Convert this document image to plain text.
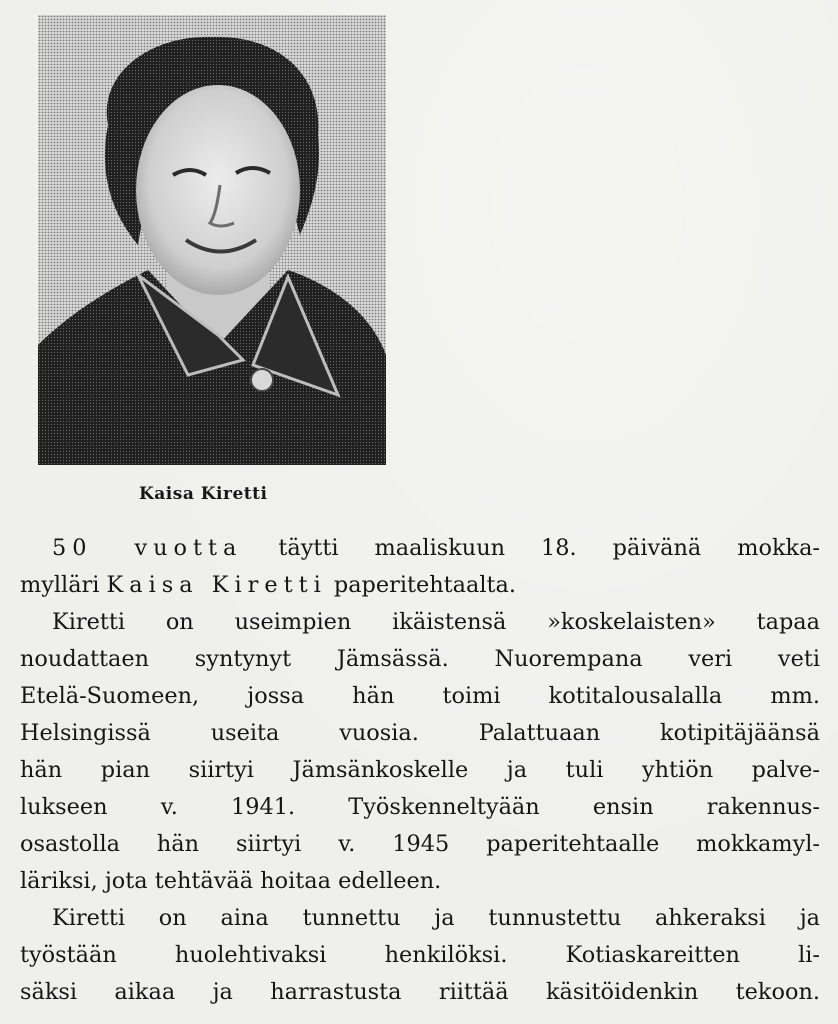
Kaisa Kiretti
50 vuotta täytti maaliskuun 18. päivänä mokka-
mylläri Kaisa Kiretti paperitehtaalta.
Kiretti on useimpien ikäistensä »koskelaisten» tapaa
noudattaen syntynyt Jämsässä. Nuorempana veri veti
Etelä-Suomeen, jossa hän toimi kotitalousalalla mm.
Helsingissä useita vuosia. Palattuaan kotipitäjäänsä
hän pian siirtyi Jämsänkoskelle ja tuli yhtiön palve-
lukseen v. 1941. Työskenneltyään ensin rakennus-
osastolla hän siirtyi v. 1945 paperitehtaalle mokkamyl-
läriksi, jota tehtävää hoitaa edelleen.
Kiretti on aina tunnettu ja tunnustettu ahkeraksi ja
työstään huolehtivaksi henkilöksi. Kotiaskareitten li-
säksi aikaa ja harrastusta riittää käsitöidenkin tekoon.
